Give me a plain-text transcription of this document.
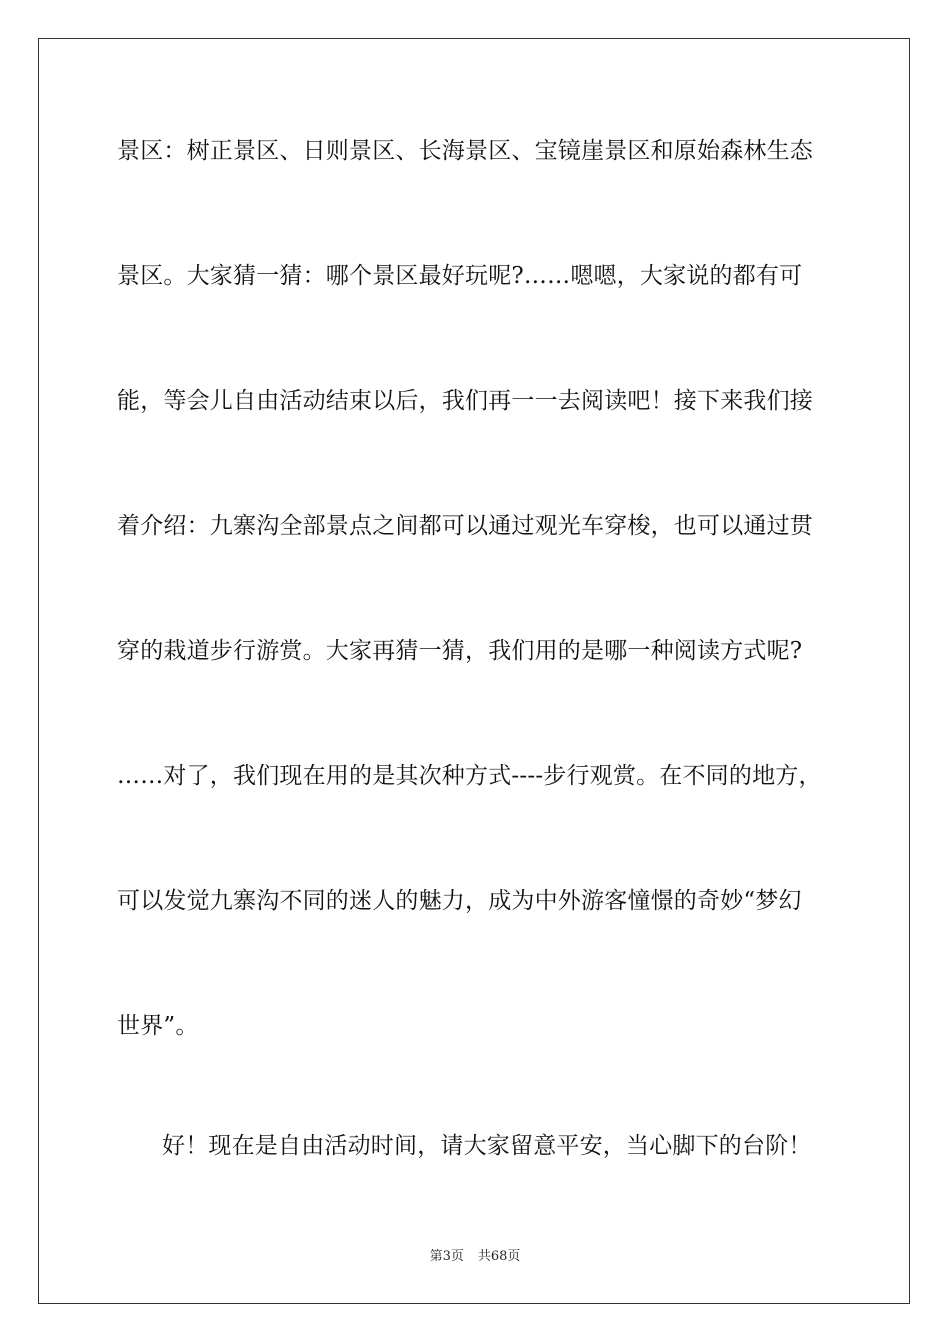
景区：树正景区、日则景区、长海景区、宝镜崖景区和原始森林生态
景区。大家猜一猜：哪个景区最好玩呢?……嗯嗯，大家说的都有可
能，等会儿自由活动结束以后，我们再一一去阅读吧！接下来我们接
着介绍：九寨沟全部景点之间都可以通过观光车穿梭，也可以通过贯
穿的栽道步行游赏。大家再猜一猜，我们用的是哪一种阅读方式呢?
……对了，我们现在用的是其次种方式----步行观赏。在不同的地方，
可以发觉九寨沟不同的迷人的魅力，成为中外游客憧憬的奇妙“梦幻
世界”。
好！现在是自由活动时间，请大家留意平安，当心脚下的台阶！
第3页 共68页
